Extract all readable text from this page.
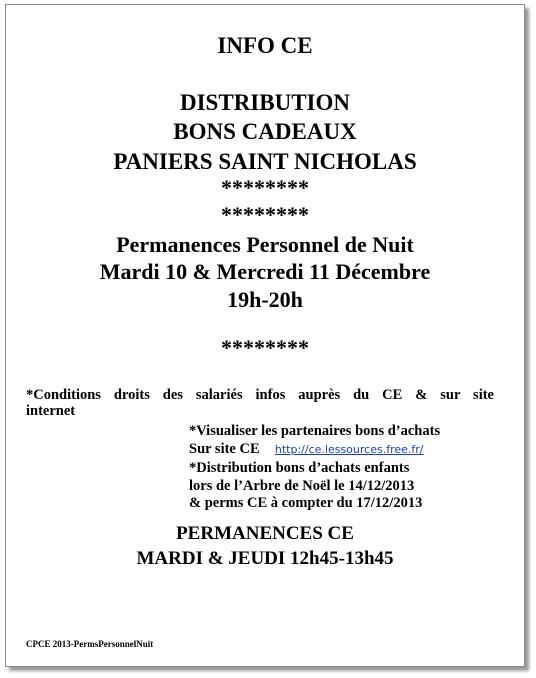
INFO CE
DISTRIBUTION
BONS CADEAUX
PANIERS SAINT NICHOLAS
********
********
Permanences Personnel de Nuit
Mardi 10 & Mercredi 11 Décembre
19h-20h
********
*Conditions droits des salariés infos auprès du CE & sur site
internet
*Visualiser les partenaires bons d’achats
Sur site CE http://ce.lessources.free.fr/
*Distribution bons d’achats enfants
lors de l’Arbre de Noël le 14/12/2013
& perms CE à compter du 17/12/2013
PERMANENCES CE
MARDI & JEUDI 12h45-13h45
CPCE 2013-PermsPersonnelNuit
